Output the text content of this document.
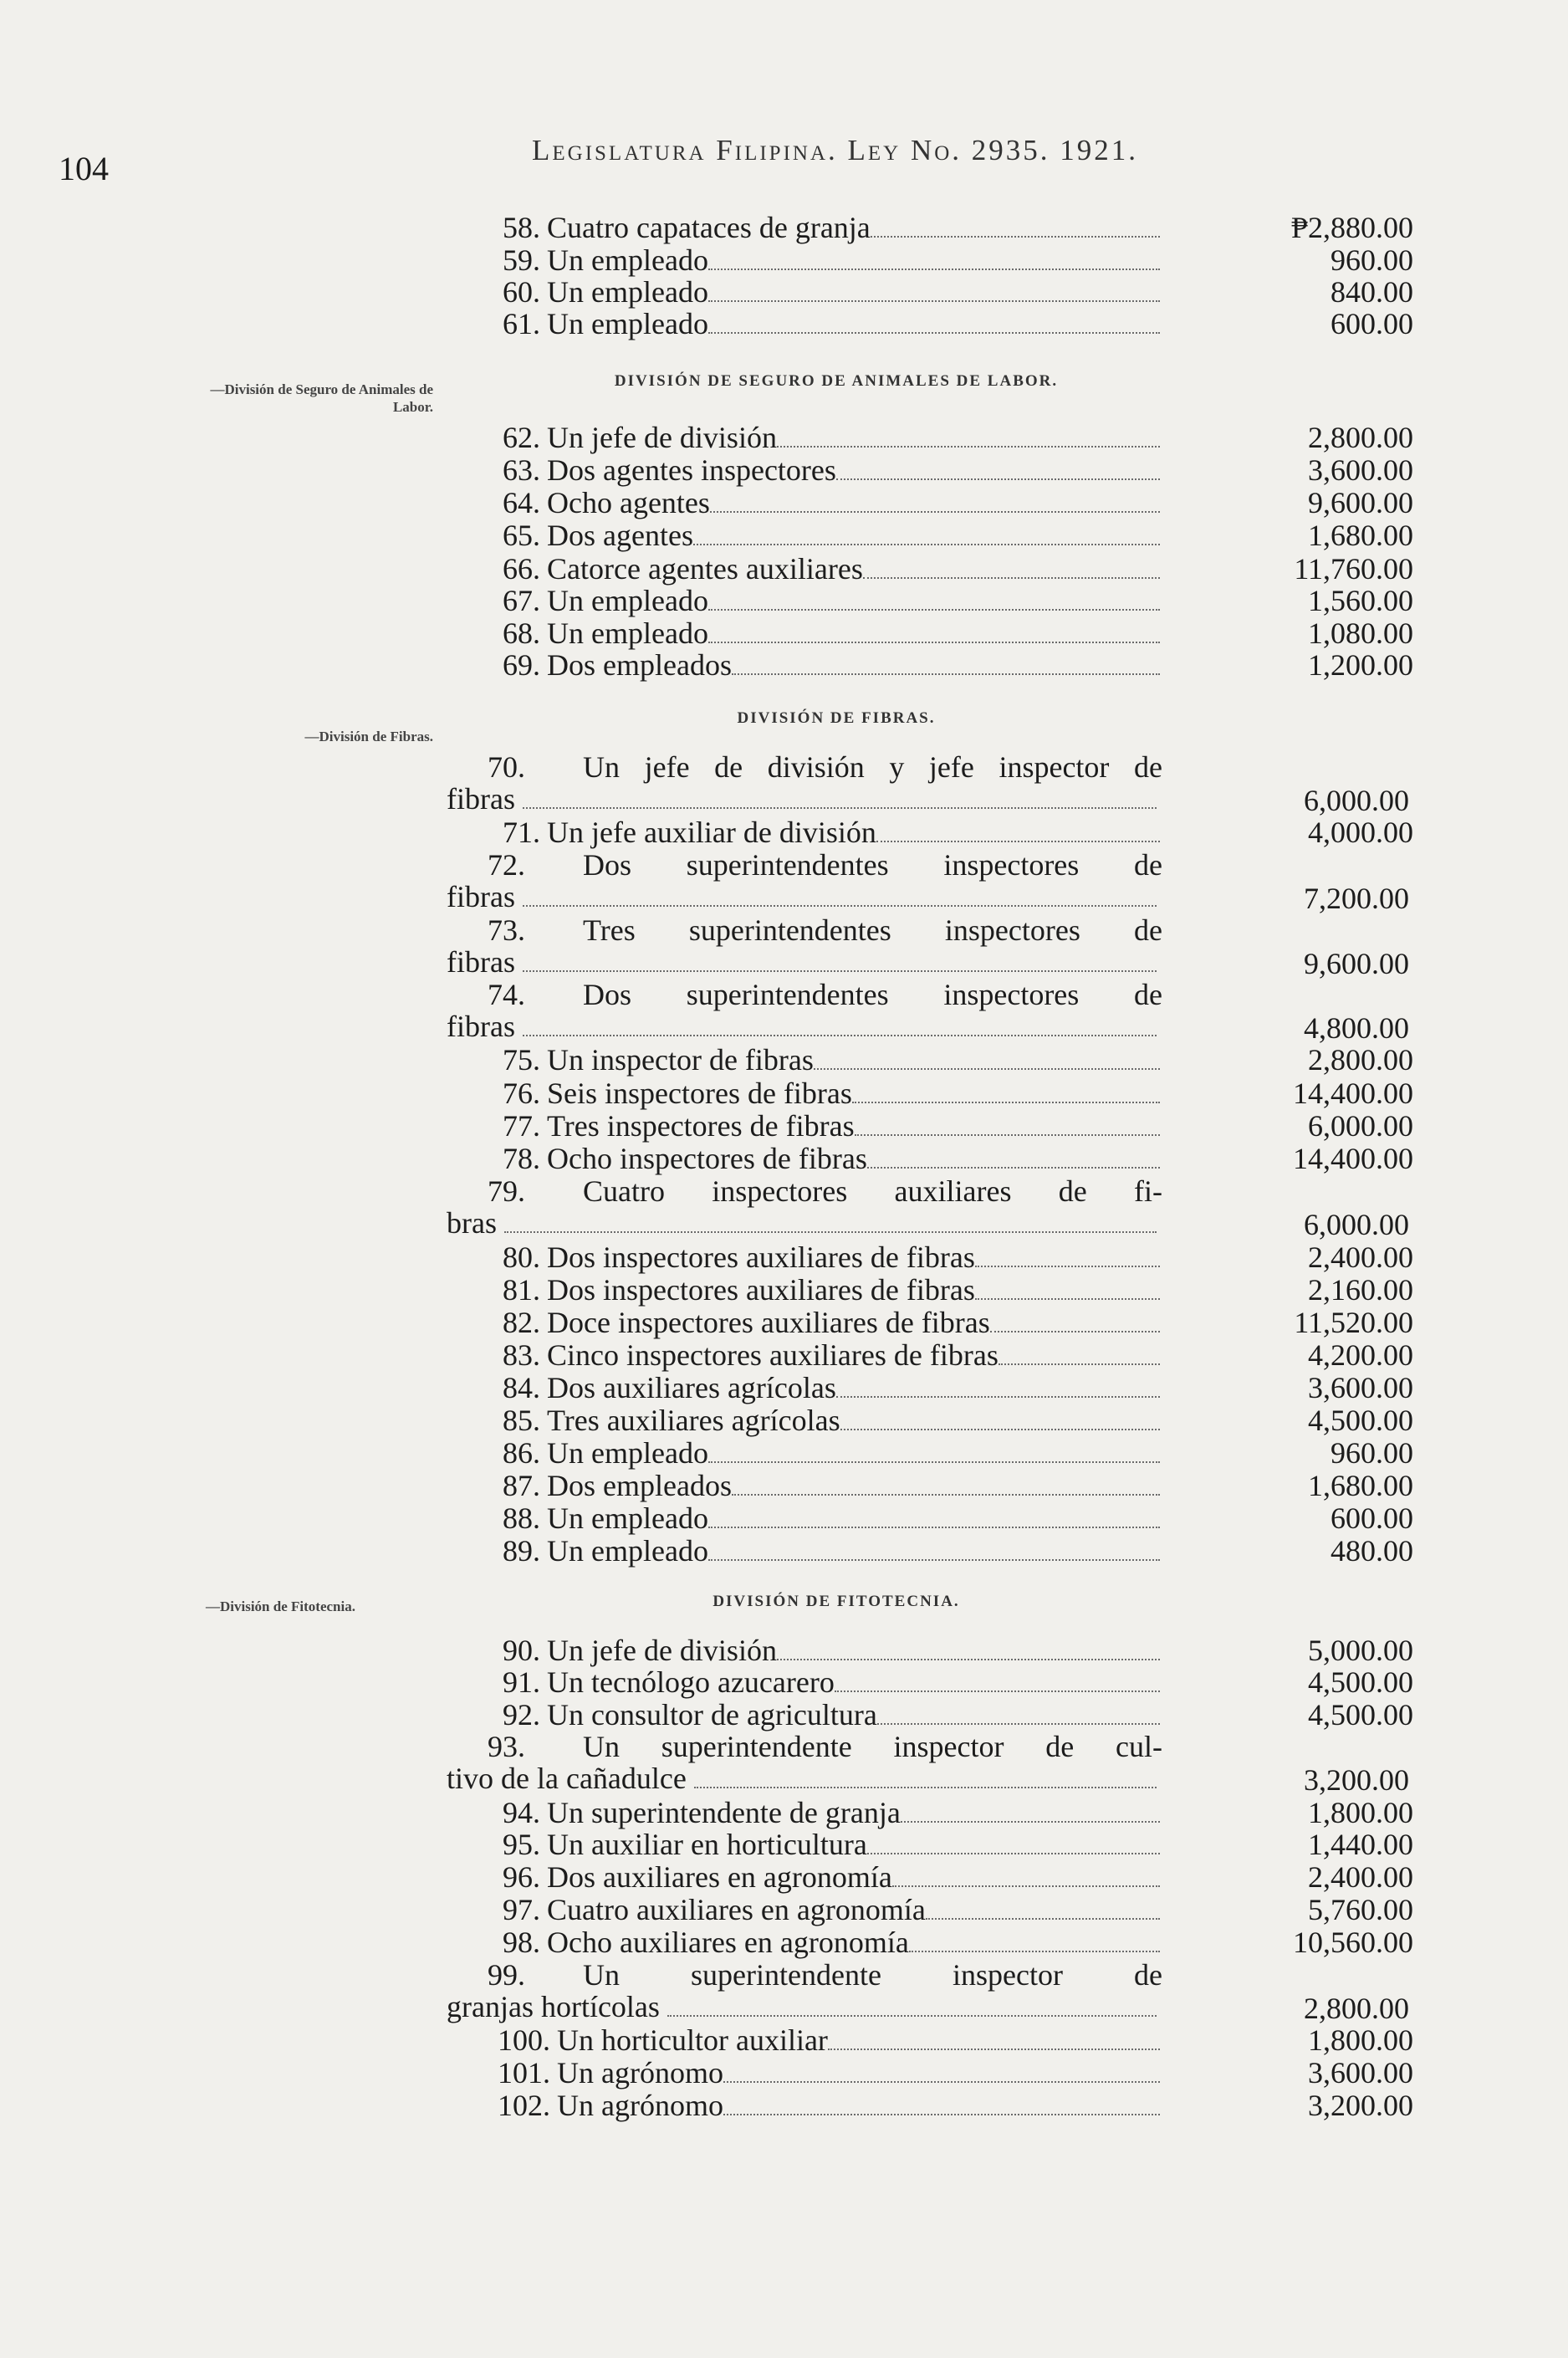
104	Legislatura Filipina. Ley No. 2935. 1921.
—División de Seguro de Animales de Labor.
—División de Fibras.
—División de Fitotecnia.
DIVISIÓN DE SEGURO DE ANIMALES DE LABOR.
DIVISIÓN DE FIBRAS.
DIVISIÓN DE FITOTECNIA.
58. Cuatro capataces de granja	₱2,880.00
59. Un empleado	960.00
60. Un empleado	840.00
61. Un empleado	600.00
62. Un jefe de división	2,800.00
63. Dos agentes inspectores	3,600.00
64. Ocho agentes	9,600.00
65. Dos agentes	1,680.00
66. Catorce agentes auxiliares	11,760.00
67. Un empleado	1,560.00
68. Un empleado	1,080.00
69. Dos empleados	1,200.00
70. Un jefe de división y jefe inspector de
fibras	6,000.00
71. Un jefe auxiliar de división	4,000.00
72. Dos superintendentes inspectores de
fibras	7,200.00
73. Tres superintendentes inspectores de
fibras	9,600.00
74. Dos superintendentes inspectores de
fibras	4,800.00
75. Un inspector de fibras	2,800.00
76. Seis inspectores de fibras	14,400.00
77. Tres inspectores de fibras	6,000.00
78. Ocho inspectores de fibras	14,400.00
79. Cuatro inspectores auxiliares de fi-
bras	6,000.00
80. Dos inspectores auxiliares de fibras	2,400.00
81. Dos inspectores auxiliares de fibras	2,160.00
82. Doce inspectores auxiliares de fibras	11,520.00
83. Cinco inspectores auxiliares de fibras	4,200.00
84. Dos auxiliares agrícolas	3,600.00
85. Tres auxiliares agrícolas	4,500.00
86. Un empleado	960.00
87. Dos empleados	1,680.00
88. Un empleado	600.00
89. Un empleado	480.00
90. Un jefe de división	5,000.00
91. Un tecnólogo azucarero	4,500.00
92. Un consultor de agricultura	4,500.00
93. Un superintendente inspector de cul-
tivo de la cañadulce	3,200.00
94. Un superintendente de granja	1,800.00
95. Un auxiliar en horticultura	1,440.00
96. Dos auxiliares en agronomía	2,400.00
97. Cuatro auxiliares en agronomía	5,760.00
98. Ocho auxiliares en agronomía	10,560.00
99. Un superintendente inspector de
granjas hortícolas	2,800.00
100. Un horticultor auxiliar	1,800.00
101. Un agrónomo	3,600.00
102. Un agrónomo	3,200.00
